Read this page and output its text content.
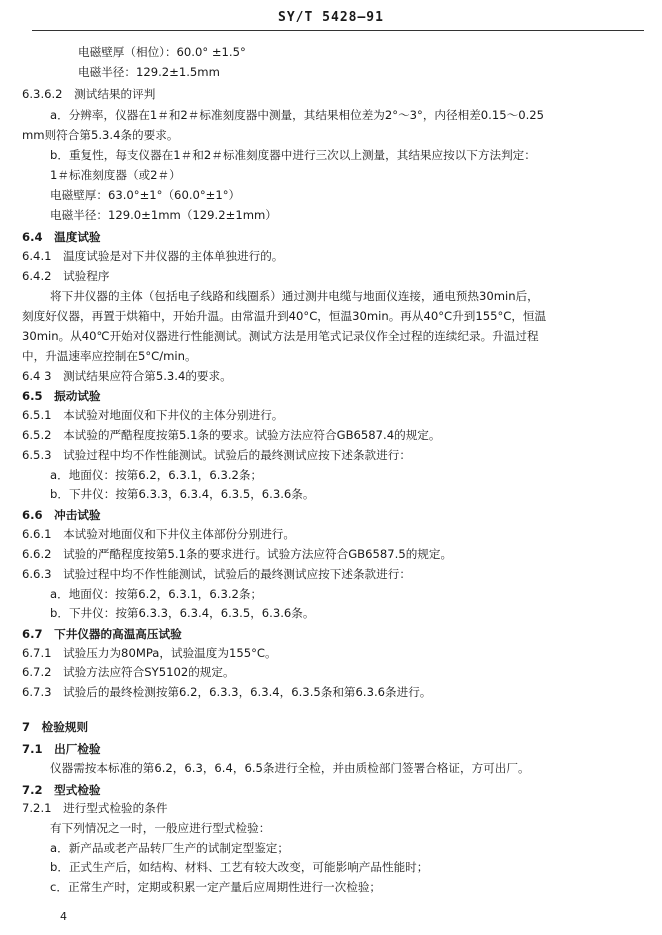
SY/T 5428—91
电磁壁厚（相位）：60.0° ±1.5°
电磁半径：129.2±1.5mm
6.3.6.2　测试结果的评判
a．分辨率，仪器在1＃和2＃标准刻度器中测量，其结果相位差为2°～3°，内径相差0.15～0.25
mm则符合第5.3.4条的要求。
b．重复性，每支仪器在1＃和2＃标准刻度器中进行三次以上测量，其结果应按以下方法判定：
1＃标准刻度器（或2＃）
电磁壁厚：63.0°±1°（60.0°±1°）
电磁半径：129.0±1mm（129.2±1mm）
6.4　温度试验
6.4.1　温度试验是对下井仪器的主体单独进行的。
6.4.2　试验程序
将下井仪器的主体（包括电子线路和线圈系）通过测井电缆与地面仪连接，通电预热30min后，
刻度好仪器，再置于烘箱中，开始升温。由常温升到40°C，恒温30min。再从40°C升到155°C，恒温
30min。从40℃开始对仪器进行性能测试。测试方法是用笔式记录仪作全过程的连续纪录。升温过程
中，升温速率应控制在5°C/min。
6.4 3　测试结果应符合第5.3.4的要求。
6.5　振动试验
6.5.1　本试验对地面仪和下井仪的主体分别进行。
6.5.2　本试验的严酷程度按第5.1条的要求。试验方法应符合GB6587.4的规定。
6.5.3　试验过程中均不作性能测试。试验后的最终测试应按下述条款进行：
a．地面仪：按第6.2，6.3.1，6.3.2条；
b．下井仪：按第6.3.3，6.3.4，6.3.5，6.3.6条。
6.6　冲击试验
6.6.1　本试验对地面仪和下井仪主体部份分别进行。
6.6.2　试验的严酷程度按第5.1条的要求进行。试验方法应符合GB6587.5的规定。
6.6.3　试验过程中均不作性能测试，试验后的最终测试应按下述条款进行：
a．地面仪：按第6.2，6.3.1，6.3.2条；
b．下井仪：按第6.3.3，6.3.4，6.3.5，6.3.6条。
6.7　下井仪器的高温高压试验
6.7.1　试验压力为80MPa，试验温度为155°C。
6.7.2　试验方法应符合SY5102的规定。
6.7.3　试验后的最终检测按第6.2，6.3.3，6.3.4，6.3.5条和第6.3.6条进行。
7　检验规则
7.1　出厂检验
仪器需按本标准的第6.2，6.3，6.4，6.5条进行全检，并由质检部门签署合格证，方可出厂。
7.2　型式检验
7.2.1　进行型式检验的条件
有下列情况之一时，一般应进行型式检验：
a．新产品或老产品转厂生产的试制定型鉴定；
b．正式生产后，如结构、材料、工艺有较大改变，可能影响产品性能时；
c．正常生产时，定期或积累一定产量后应周期性进行一次检验；
4
